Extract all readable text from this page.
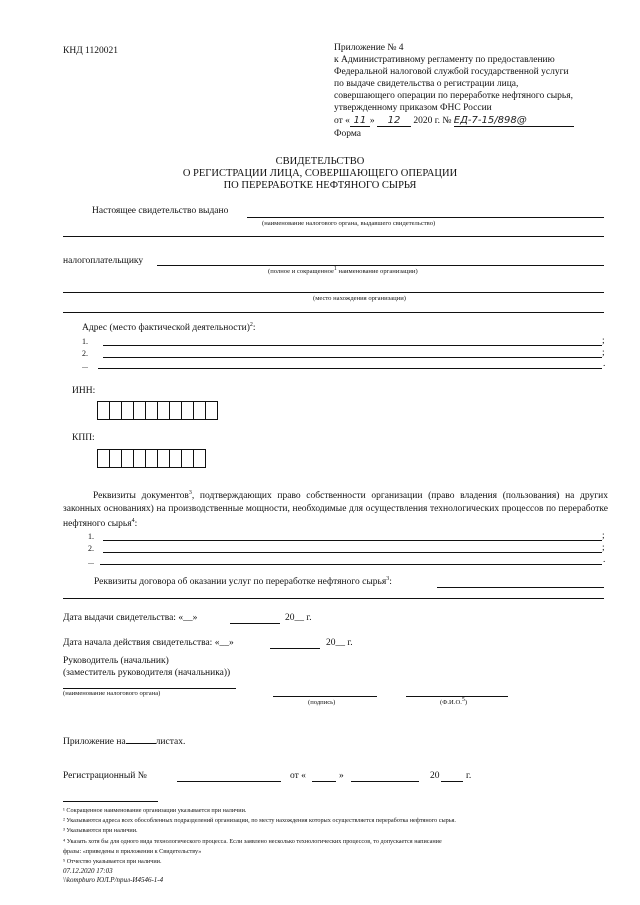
КНД 1120021	Приложение № 4
к Административному регламенту по предоставлению
Федеральной налоговой службой государственной услуги
по выдаче свидетельства о регистрации лица,
совершающего операции по переработке нефтяного сырья,
утвержденному приказом ФНС России
от « 11 » 12 2020 г. № ЕД-7-15/898@
Форма
СВИДЕТЕЛЬСТВО
О РЕГИСТРАЦИИ ЛИЦА, СОВЕРШАЮЩЕГО ОПЕРАЦИИ
ПО ПЕРЕРАБОТКЕ НЕФТЯНОГО СЫРЬЯ
Настоящее свидетельство выдано
(наименование налогового органа, выдавшего свидетельство)
налогоплательщику
(полное и сокращенное1 наименование организации)
(место нахождения организации)
Адрес (место фактической деятельности)$^2$:
1.	;
2.	;
...	.
ИНН:
КПП:
Реквизиты документов$^3$, подтверждающих право собственности организации (право владения (пользования) на других законных основаниях) на производственные мощности, необходимые для осуществления технологических процессов по переработке нефтяного сырья$^4$:
1.	;
2.	;
...	.
Реквизиты договора об оказании услуг по переработке нефтяного сырья$^3$:
Дата выдачи свидетельства: «__»	20__ г.
Дата начала действия свидетельства: «__»	20__ г.
Руководитель (начальник)
(заместитель руководителя (начальника))
(наименование налогового органа)
(подпись)	(Ф.И.О.5)
Приложение на	листах.
Регистрационный №	от «	»	20	г.
¹ Сокращенное наименование организации указывается при наличии.
² Указываются адреса всех обособленных подразделений организации, по месту нахождения которых осуществляется переработка нефтяного сырья.
³ Указываются при наличии.
⁴ Указать хотя бы для одного вида технологического процесса. Если заявлено несколько технологических процессов, то допускается написание
фразы: «приведены в приложении к Свидетельству»
⁵ Отчество указывается при наличии.
07.12.2020 17:03
\\kompburo ЮЛ.Р/прил-И4546-1-4
